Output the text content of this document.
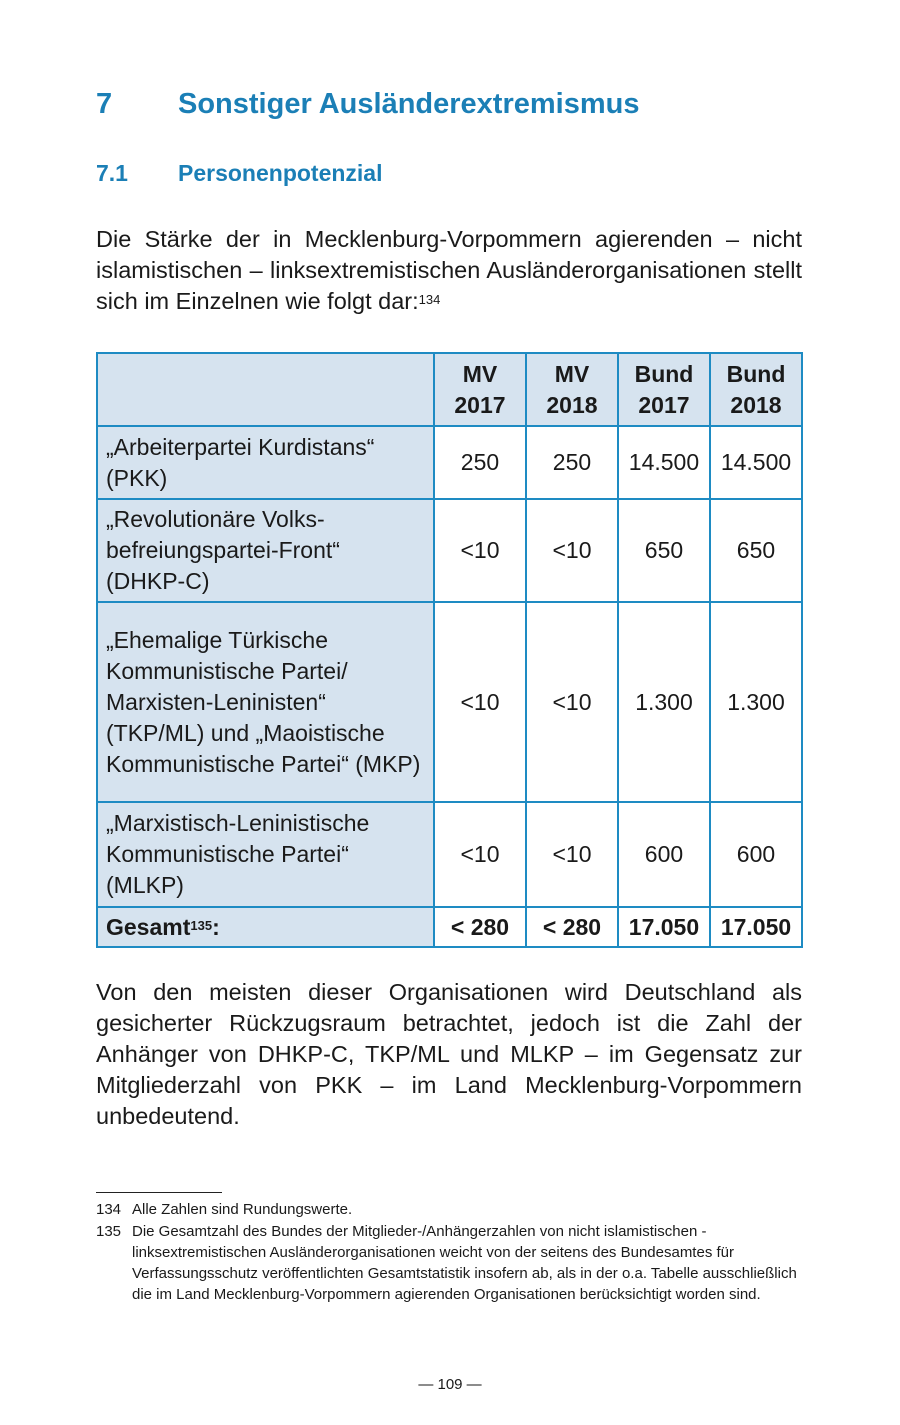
7 Sonstiger Ausländerextremismus
7.1 Personenpotenzial
Die Stärke der in Mecklenburg-Vorpommern agierenden – nicht islamistischen – linksextremistischen Ausländerorganisationen stellt sich im Einzelnen wie folgt dar:$^{134}$
	MV 2017	MV 2018	Bund 2017	Bund 2018
„Arbeiterpartei Kurdistans“ (PKK)	250	250	14.500	14.500
„Revolutionäre Volks-befreiungspartei-Front“ (DHKP-C)	<10	<10	650	650
„Ehemalige Türkische Kommunistische Partei/ Marxisten-Leninisten“ (TKP/ML) und „Maoistische Kommunistische Partei“ (MKP)	<10	<10	1.300	1.300
„Marxistisch-Leninistische Kommunistische Partei“ (MLKP)	<10	<10	600	600
Gesamt$^{135}$:	< 280	< 280	17.050	17.050
Von den meisten dieser Organisationen wird Deutschland als gesicherter Rückzugsraum betrachtet, jedoch ist die Zahl der Anhänger von DHKP-C, TKP/ML und MLKP – im Gegensatz zur Mitgliederzahl von PKK – im Land Mecklenburg-Vorpommern unbedeutend.
134 Alle Zahlen sind Rundungswerte.
135 Die Gesamtzahl des Bundes der Mitglieder-/Anhängerzahlen von nicht islamistischen - linksextremistischen Ausländerorganisationen weicht von der seitens des Bundesamtes für Verfassungsschutz veröffentlichten Gesamtstatistik insofern ab, als in der o.a. Tabelle ausschließlich die im Land Mecklenburg-Vorpommern agierenden Organisationen berücksichtigt worden sind.
— 109 —
